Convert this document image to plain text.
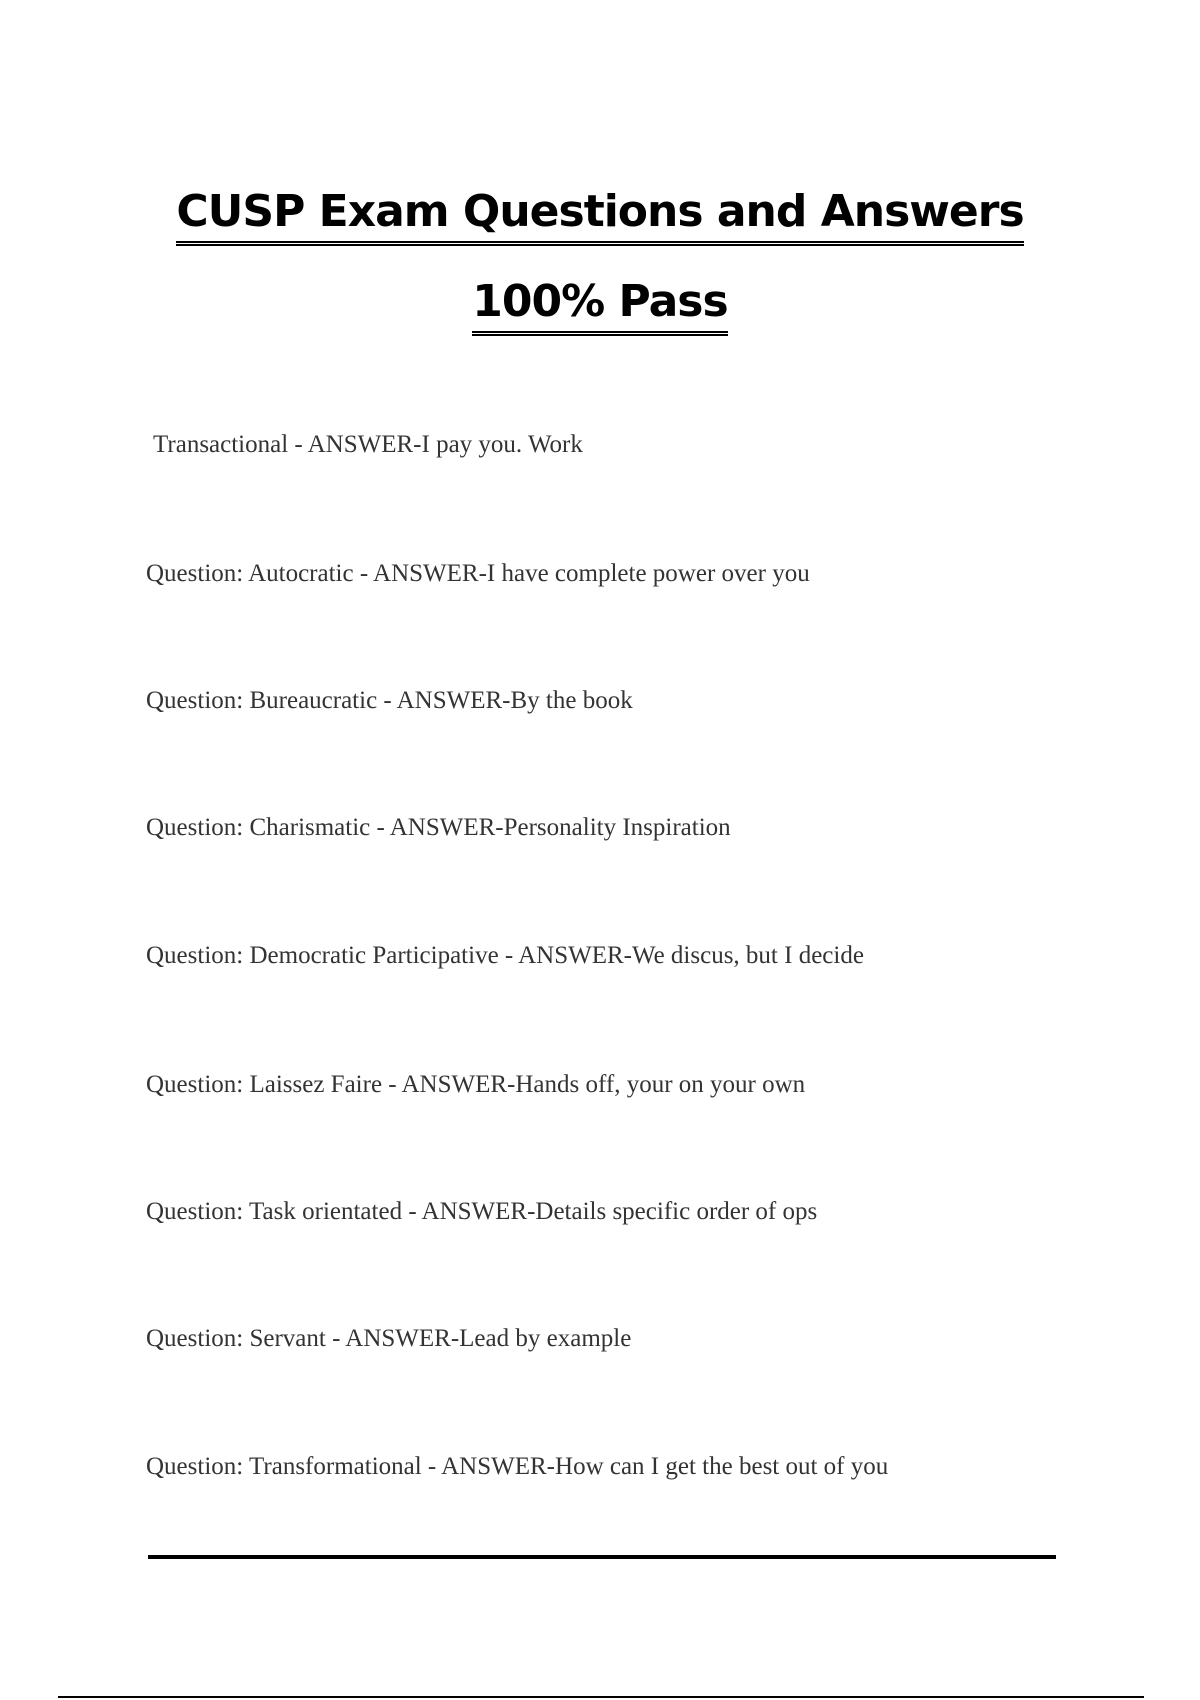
CUSP Exam Questions and Answers
100% Pass
Transactional - ANSWER-I pay you. Work
Question: Autocratic - ANSWER-I have complete power over you
Question: Bureaucratic - ANSWER-By the book
Question: Charismatic - ANSWER-Personality Inspiration
Question: Democratic Participative - ANSWER-We discus, but I decide
Question: Laissez Faire - ANSWER-Hands off, your on your own
Question: Task orientated - ANSWER-Details specific order of ops
Question: Servant - ANSWER-Lead by example
Question: Transformational - ANSWER-How can I get the best out of you
